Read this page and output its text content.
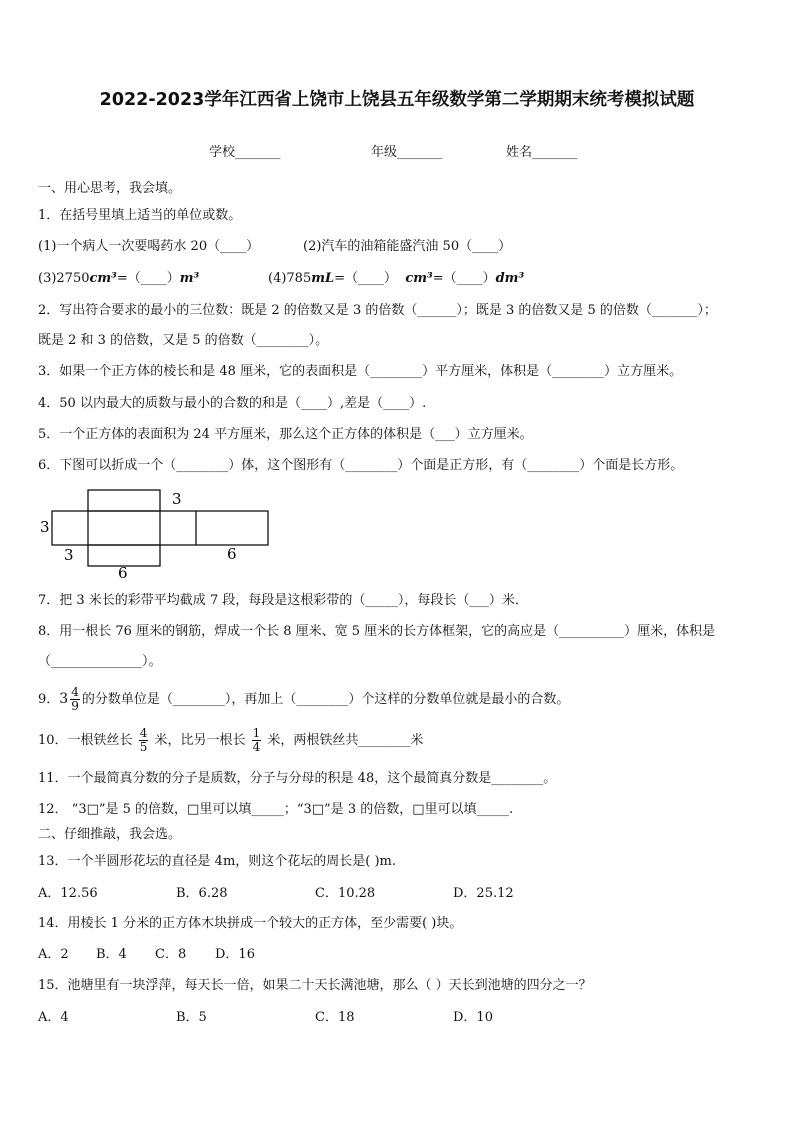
2022-2023学年江西省上饶市上饶县五年级数学第二学期期末统考模拟试题
学校_______	年级_______	姓名_______
一、用心思考，我会填。
1．在括号里填上适当的单位或数。
(1)一个病人一次要喝药水 20（____）	(2)汽车的油箱能盛汽油 50（____）
(3)2750cm³=（____）m³	(4)785mL=（____） cm³=（____）dm³
2．写出符合要求的最小的三位数：既是 2 的倍数又是 3 的倍数（______）；既是 3 的倍数又是 5 的倍数（_______）；
既是 2 和 3 的倍数，又是 5 的倍数（________）。
3．如果一个正方体的棱长和是 48 厘米，它的表面积是（________）平方厘米，体积是（________）立方厘米。
4．50 以内最大的质数与最小的合数的和是（____）,差是（____）.
5．一个正方体的表面积为 24 平方厘米，那么这个正方体的体积是（___）立方厘米。
6．下图可以折成一个（________）体，这个图形有（________）个面是正方形，有（________）个面是长方形。
3
3
3	6
6
7．把 3 米长的彩带平均截成 7 段，每段是这根彩带的（_____），每段长（___）米．
8．用一根长 76 厘米的钢筋，焊成一个长 8 厘米、宽 5 厘米的长方体框架，它的高应是（__________）厘米，体积是
（______________）。
9． $3 \frac{4}{9}$ 的分数单位是（________），再加上（________）个这样的分数单位就是最小的合数。
10．一根铁丝长 $\frac{4}{5}$ 米，比另一根长 $\frac{1}{4}$ 米，两根铁丝共________米
11．一个最简真分数的分子是质数，分子与分母的积是 48，这个最简真分数是________。
12． “3□”是 5 的倍数，□里可以填_____；“3□”是 3 的倍数，□里可以填_____.
二、仔细推敲，我会选。
13．一个半圆形花坛的直径是 4m，则这个花坛的周长是( )m.
A．12.56	B．6.28	C．10.28	D．25.12
14．用棱长 1 分米的正方体木块拼成一个较大的正方体，至少需要( )块。
A．2 B．4 C．8 D．16
15．池塘里有一块浮萍，每天长一倍，如果二十天长满池塘，那么（ ）天长到池塘的四分之一？
A．4	B．5	C．18	D．10
